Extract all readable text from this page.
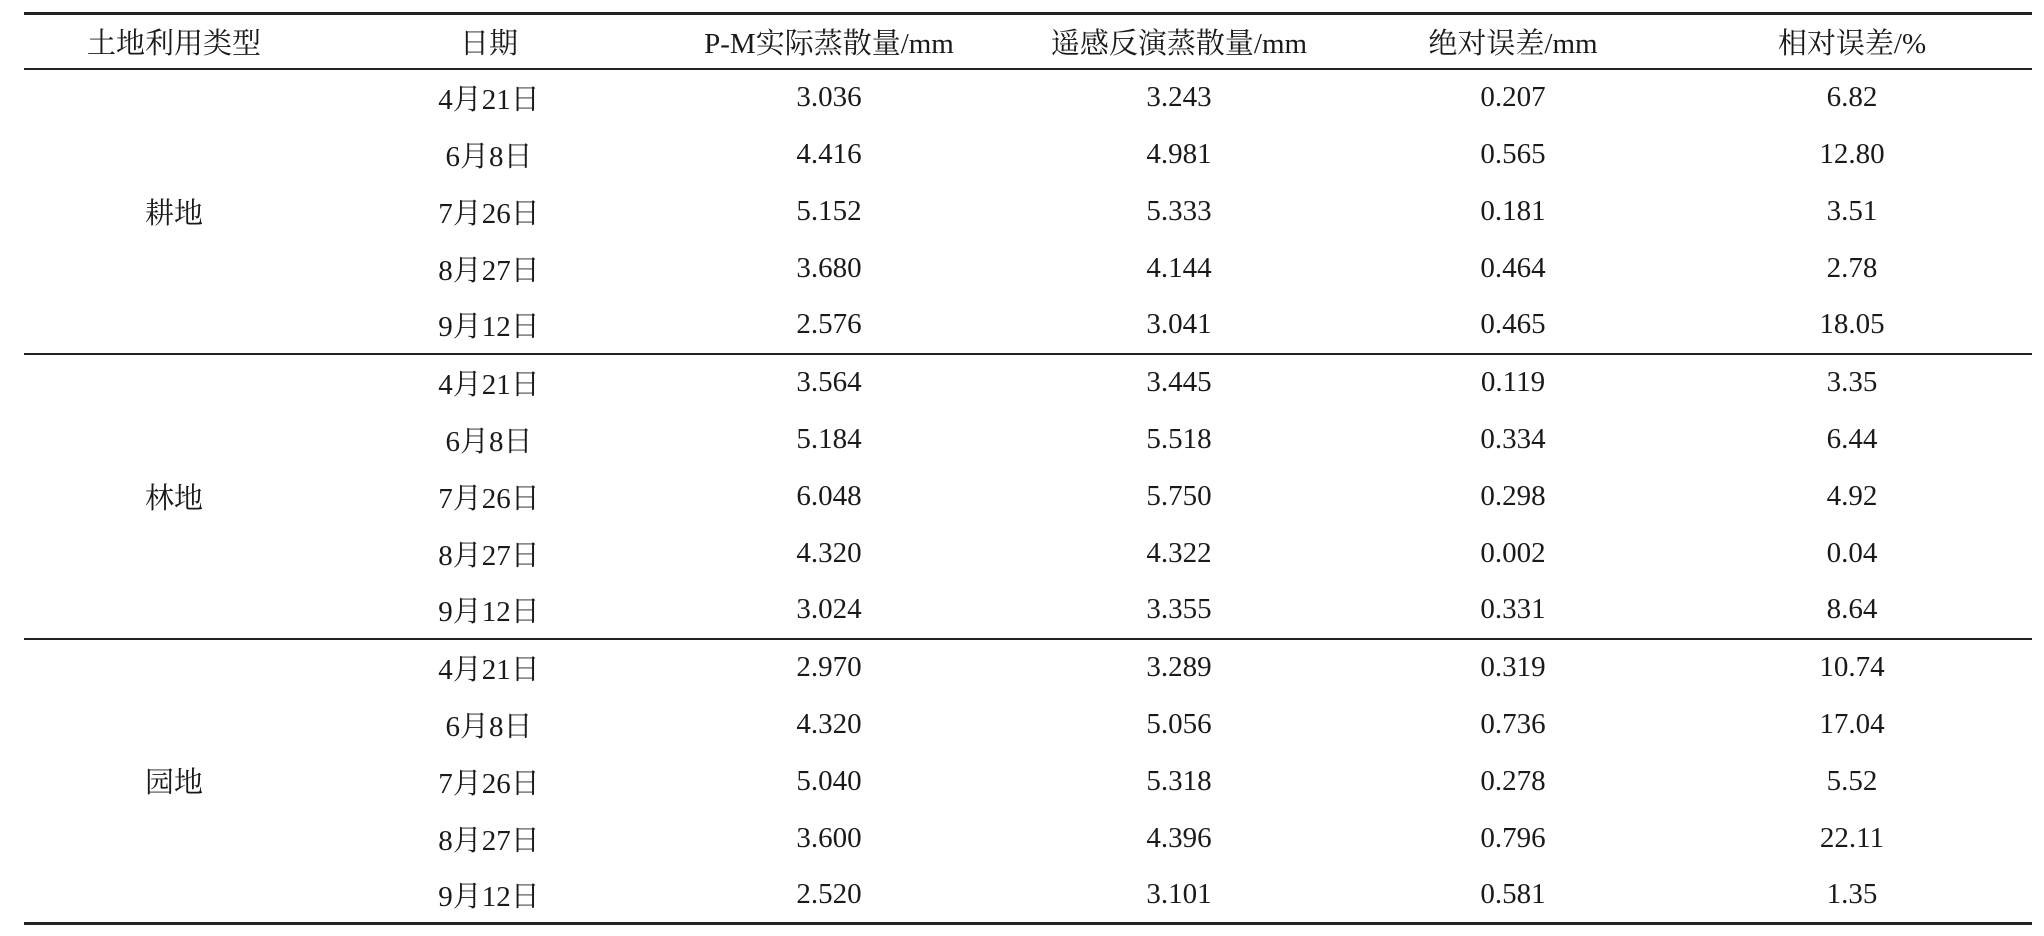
土地利用类型	日期	P-M实际蒸散量/mm	遥感反演蒸散量/mm	绝对误差/mm	相对误差/%
耕地	4月21日	3.036	3.243	0.207	6.82
	6月8日	4.416	4.981	0.565	12.80
	7月26日	5.152	5.333	0.181	3.51
	8月27日	3.680	4.144	0.464	2.78
	9月12日	2.576	3.041	0.465	18.05
林地	4月21日	3.564	3.445	0.119	3.35
	6月8日	5.184	5.518	0.334	6.44
	7月26日	6.048	5.750	0.298	4.92
	8月27日	4.320	4.322	0.002	0.04
	9月12日	3.024	3.355	0.331	8.64
园地	4月21日	2.970	3.289	0.319	10.74
	6月8日	4.320	5.056	0.736	17.04
	7月26日	5.040	5.318	0.278	5.52
	8月27日	3.600	4.396	0.796	22.11
	9月12日	2.520	3.101	0.581	1.35
